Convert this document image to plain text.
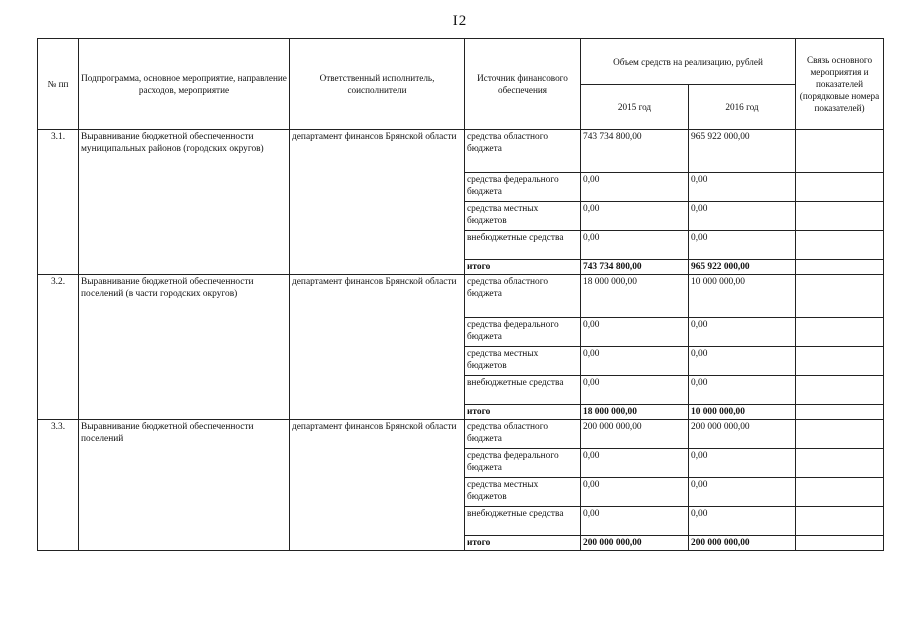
I2
№ пп	Подпрограмма, основное мероприятие, направление расходов, мероприятие	Ответственный исполнитель, соисполнители	Источник финансового обеспечения	Объем средств на реализацию, рублей		Связь основного мероприятия и показателей (порядковые номера показателей)
				2015 год	2016 год	
3.1.	Выравнивание бюджетной обеспеченности муниципальных районов (городских округов)	департамент финансов Брянской области	средства областного бюджета	743 734 800,00	965 922 000,00	
			средства федерального бюджета	0,00	0,00	
			средства местных бюджетов	0,00	0,00	
			внебюджетные средства	0,00	0,00	
			итого	743 734 800,00	965 922 000,00	
3.2.	Выравнивание бюджетной обеспеченности поселений (в части городских округов)	департамент финансов Брянской области	средства областного бюджета	18 000 000,00	10 000 000,00	
			средства федерального бюджета	0,00	0,00	
			средства местных бюджетов	0,00	0,00	
			внебюджетные средства	0,00	0,00	
			итого	18 000 000,00	10 000 000,00	
3.3.	Выравнивание бюджетной обеспеченности поселений	департамент финансов Брянской области	средства областного бюджета	200 000 000,00	200 000 000,00	
			средства федерального бюджета	0,00	0,00	
			средства местных бюджетов	0,00	0,00	
			внебюджетные средства	0,00	0,00	
			итого	200 000 000,00	200 000 000,00	
